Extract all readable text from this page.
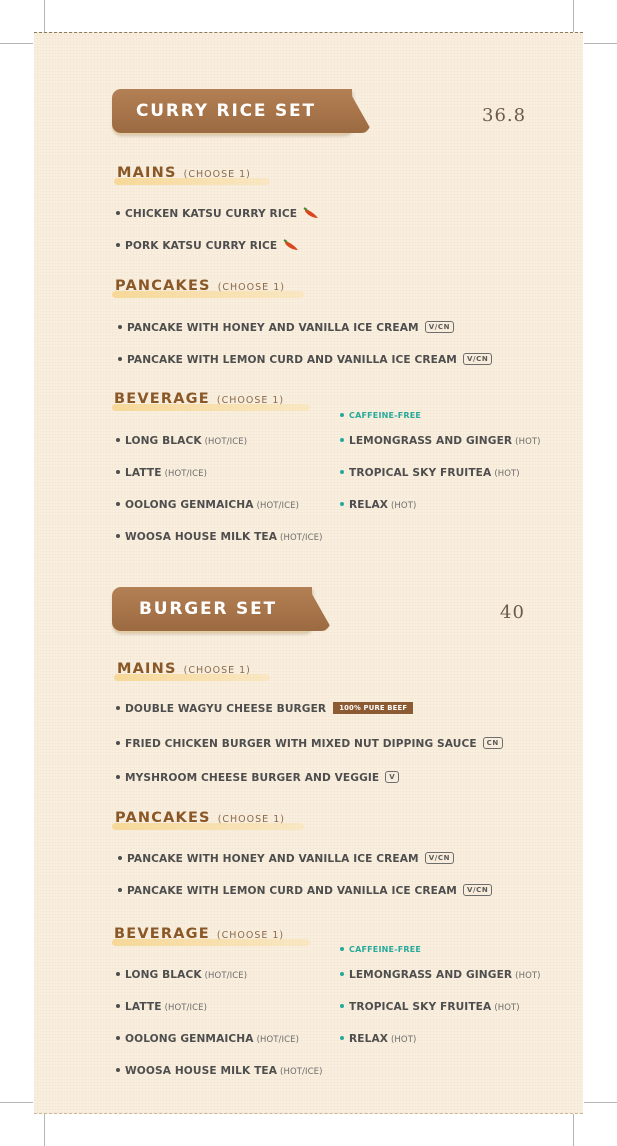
CURRY RICE SET	36.8
MAINS (CHOOSE 1)
CHICKEN KATSU CURRY RICE
PORK KATSU CURRY RICE
PANCAKES (CHOOSE 1)
PANCAKE WITH HONEY AND VANILLA ICE CREAM V/CN
PANCAKE WITH LEMON CURD AND VANILLA ICE CREAM V/CN
BEVERAGE (CHOOSE 1)
CAFFEINE-FREE
LONG BLACK (HOT/ICE)
LATTE (HOT/ICE)
OOLONG GENMAICHA (HOT/ICE)
WOOSA HOUSE MILK TEA (HOT/ICE)
LEMONGRASS AND GINGER (HOT)
TROPICAL SKY FRUITEA (HOT)
RELAX (HOT)
BURGER SET	40
MAINS (CHOOSE 1)
DOUBLE WAGYU CHEESE BURGER 100% PURE BEEF
FRIED CHICKEN BURGER WITH MIXED NUT DIPPING SAUCE CN
MYSHROOM CHEESE BURGER AND VEGGIE V
PANCAKES (CHOOSE 1)
PANCAKE WITH HONEY AND VANILLA ICE CREAM V/CN
PANCAKE WITH LEMON CURD AND VANILLA ICE CREAM V/CN
BEVERAGE (CHOOSE 1)
CAFFEINE-FREE
LONG BLACK (HOT/ICE)
LATTE (HOT/ICE)
OOLONG GENMAICHA (HOT/ICE)
WOOSA HOUSE MILK TEA (HOT/ICE)
LEMONGRASS AND GINGER (HOT)
TROPICAL SKY FRUITEA (HOT)
RELAX (HOT)
